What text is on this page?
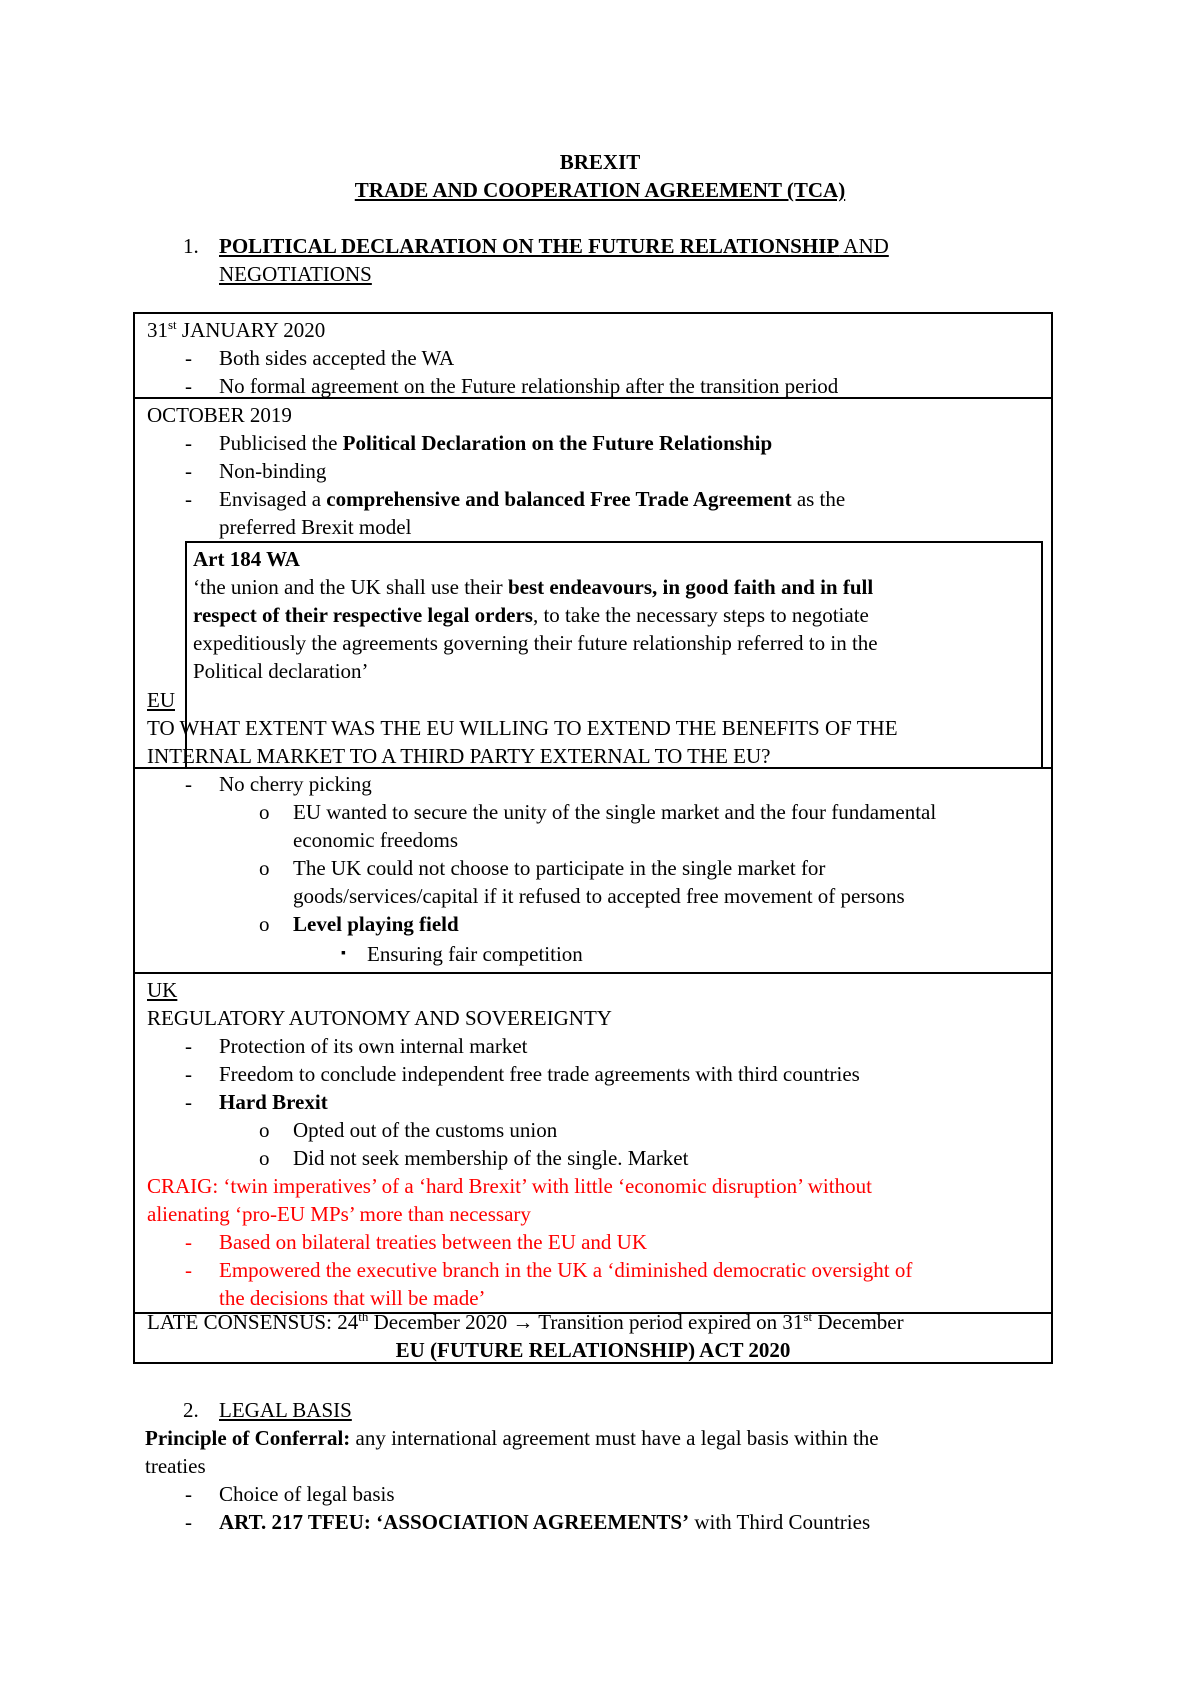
BREXIT
TRADE AND COOPERATION AGREEMENT (TCA)
1. POLITICAL DECLARATION ON THE FUTURE RELATIONSHIP AND
NEGOTIATIONS
31st JANUARY 2020
- Both sides accepted the WA
- No formal agreement on the Future relationship after the transition period
OCTOBER 2019
- Publicised the Political Declaration on the Future Relationship
- Non-binding
- Envisaged a comprehensive and balanced Free Trade Agreement as the
preferred Brexit model
Art 184 WA
‘the union and the UK shall use their best endeavours, in good faith and in full
respect of their respective legal orders, to take the necessary steps to negotiate
expeditiously the agreements governing their future relationship referred to in the
Political declaration’
EU
TO WHAT EXTENT WAS THE EU WILLING TO EXTEND THE BENEFITS OF THE
INTERNAL MARKET TO A THIRD PARTY EXTERNAL TO THE EU?
- No cherry picking
o EU wanted to secure the unity of the single market and the four fundamental
economic freedoms
o The UK could not choose to participate in the single market for
goods/services/capital if it refused to accepted free movement of persons
o Level playing field
▪ Ensuring fair competition
UK
REGULATORY AUTONOMY AND SOVEREIGNTY
- Protection of its own internal market
- Freedom to conclude independent free trade agreements with third countries
- Hard Brexit
o Opted out of the customs union
o Did not seek membership of the single. Market
CRAIG: ‘twin imperatives’ of a ‘hard Brexit’ with little ‘economic disruption’ without
alienating ‘pro-EU MPs’ more than necessary
- Based on bilateral treaties between the EU and UK
- Empowered the executive branch in the UK a ‘diminished democratic oversight of
the decisions that will be made’
LATE CONSENSUS: 24th December 2020 → Transition period expired on 31st December
EU (FUTURE RELATIONSHIP) ACT 2020
2. LEGAL BASIS
Principle of Conferral: any international agreement must have a legal basis within the
treaties
- Choice of legal basis
- ART. 217 TFEU: ‘ASSOCIATION AGREEMENTS’ with Third Countries
